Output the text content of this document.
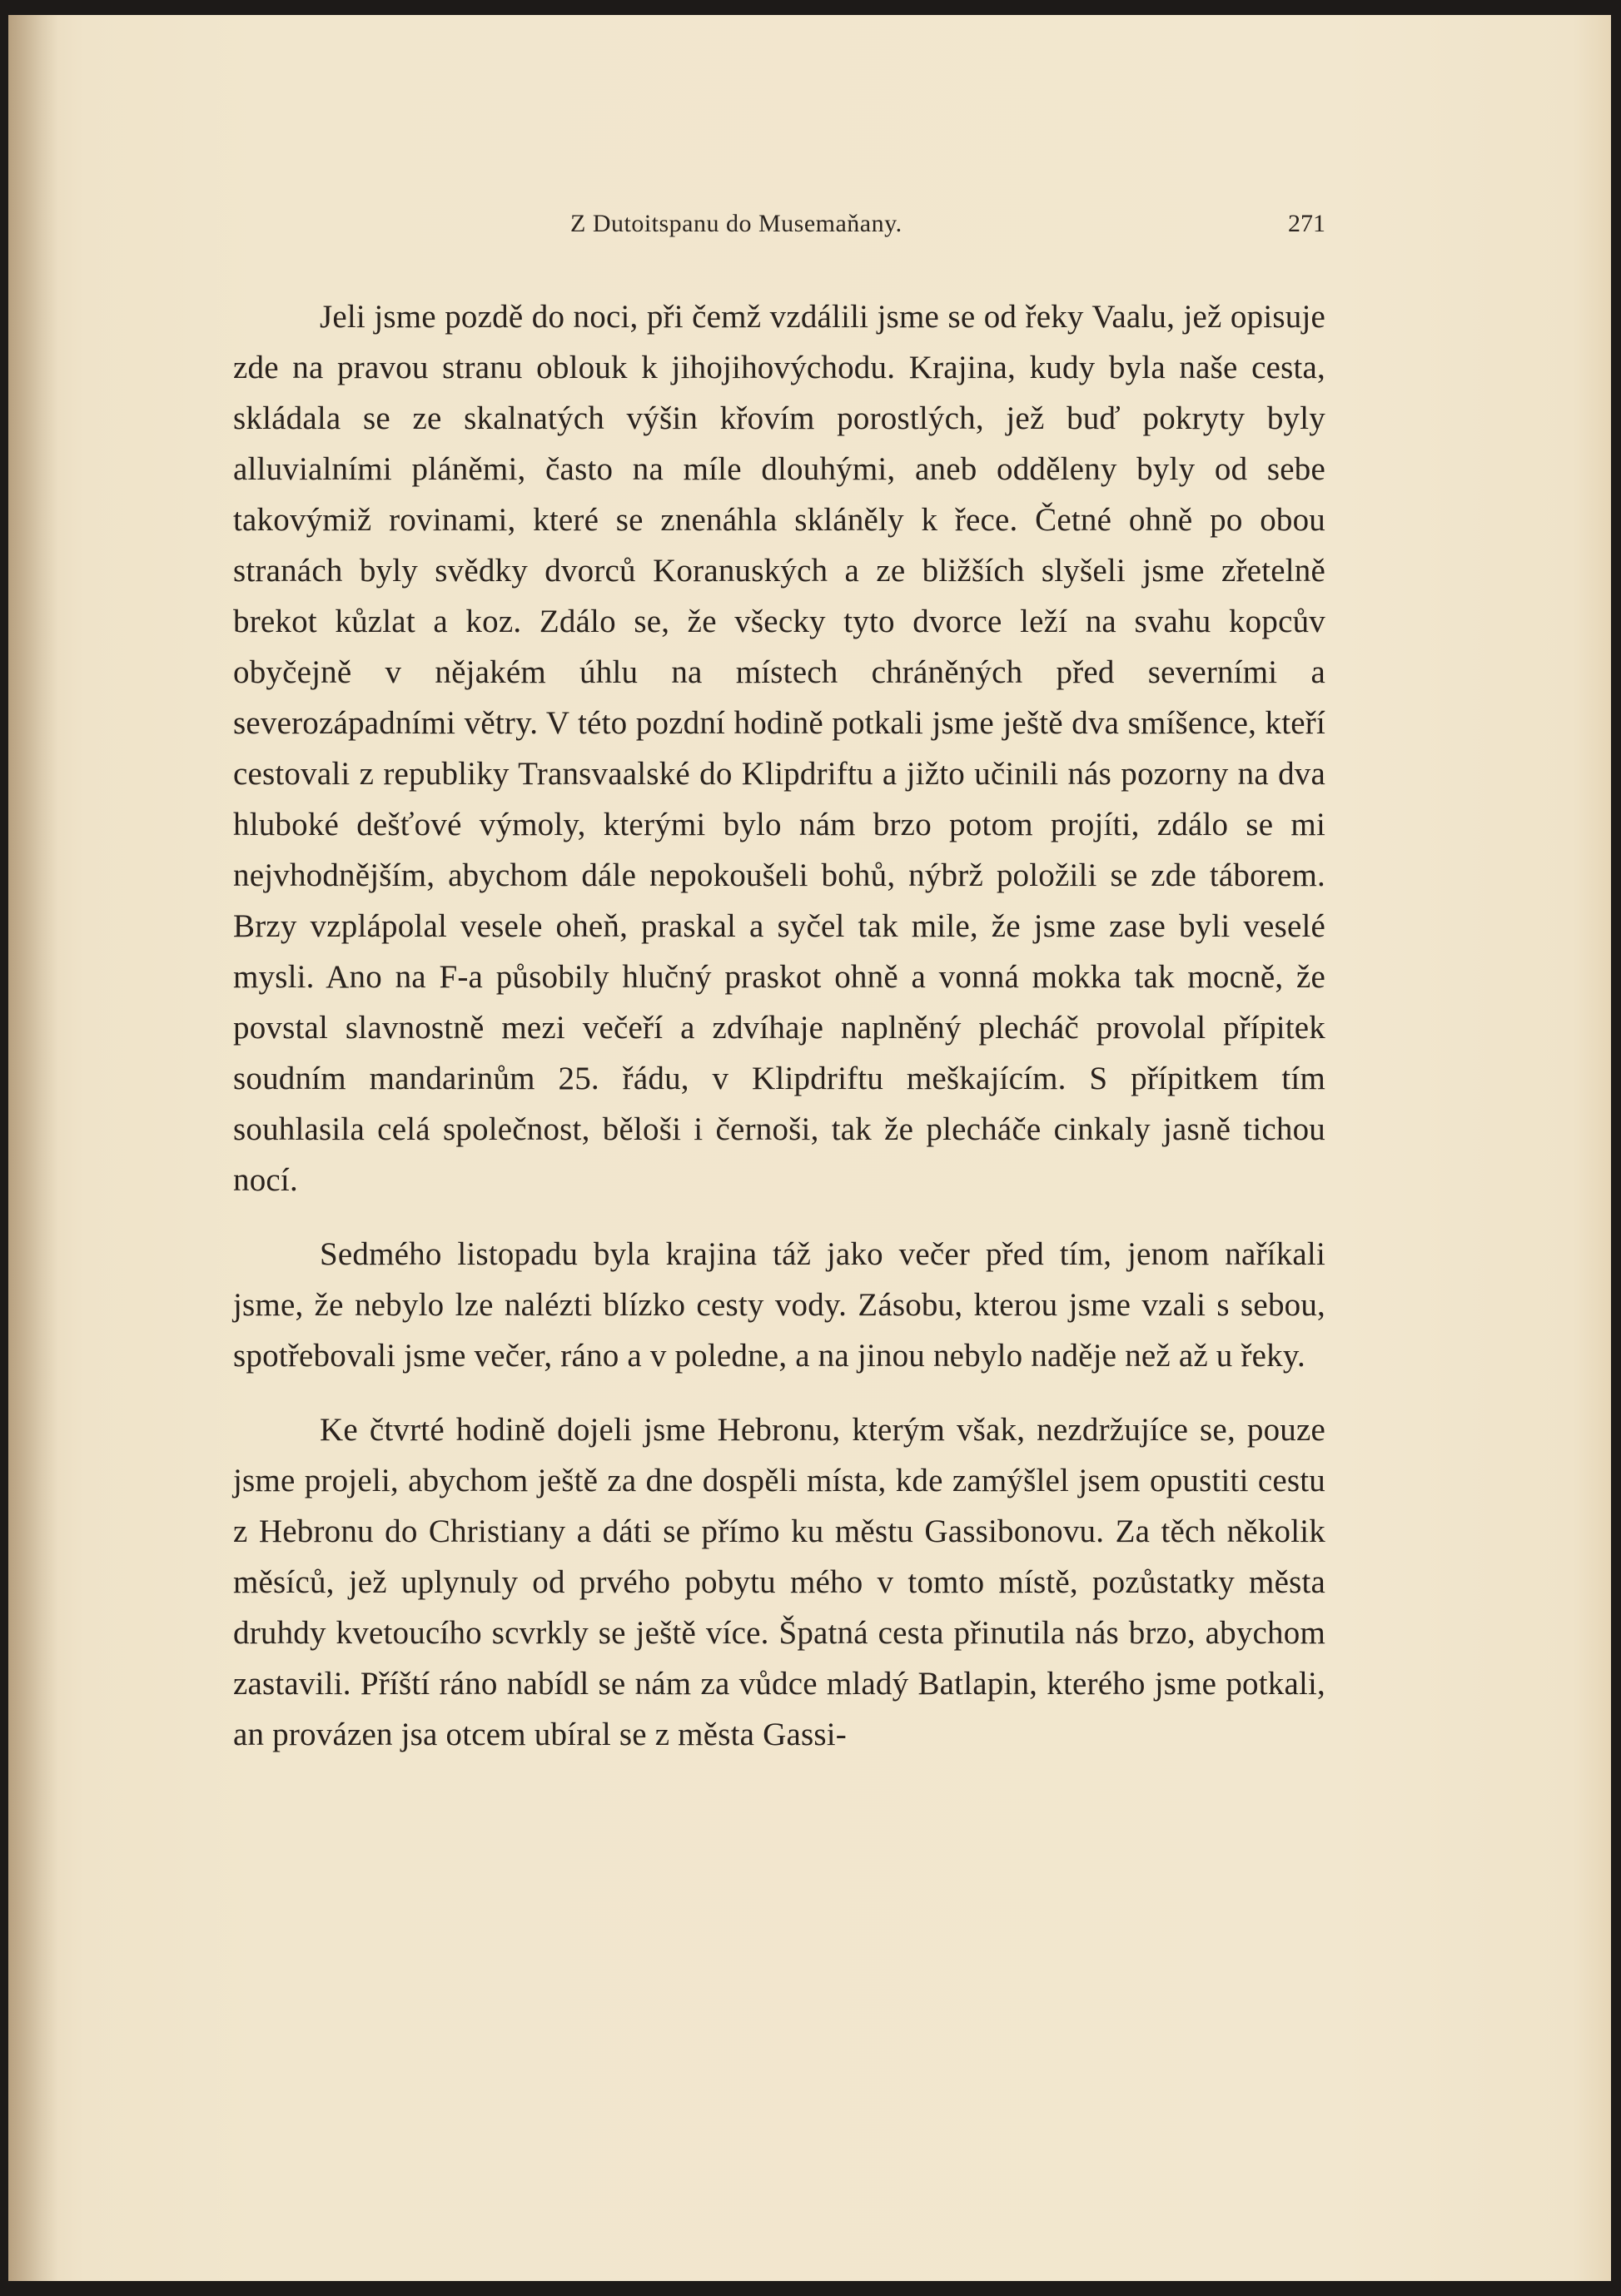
Z Dutoitspanu do Musemaňany.	271

Jeli jsme pozdě do noci, při čemž vzdálili jsme se od řeky Vaalu, jež opisuje zde na pravou stranu oblouk k jihojihovýchodu. Krajina, kudy byla naše cesta, skládala se ze skalnatých výšin křovím porostlých, jež buď pokryty byly alluvialními pláněmi, často na míle dlouhými, aneb odděleny byly od sebe takovýmiž rovinami, které se znenáhla skláněly k řece. Četné ohně po obou stranách byly svědky dvorců Koranuských a ze bližších slyšeli jsme zřetelně brekot kůzlat a koz. Zdálo se, že všecky tyto dvorce leží na svahu kopcův obyčejně v nějakém úhlu na místech chráněných před severními a severozápadními větry. V této pozdní hodině potkali jsme ještě dva smíšence, kteří cestovali z republiky Transvaalské do Klipdriftu a jižto učinili nás pozorny na dva hluboké dešťové výmoly, kterými bylo nám brzo potom projíti, zdálo se mi nejvhodnějším, abychom dále nepokoušeli bohů, nýbrž položili se zde táborem. Brzy vzplápolal vesele oheň, praskal a syčel tak mile, že jsme zase byli veselé mysli. Ano na F-a působily hlučný praskot ohně a vonná mokka tak mocně, že povstal slavnostně mezi večeří a zdvíhaje naplněný plecháč provolal přípitek soudním mandarinům 25. řádu, v Klipdriftu meškajícím. S přípitkem tím souhlasila celá společnost, běloši i černoši, tak že plecháče cinkaly jasně tichou nocí.

Sedmého listopadu byla krajina táž jako večer před tím, jenom naříkali jsme, že nebylo lze nalézti blízko cesty vody. Zásobu, kterou jsme vzali s sebou, spotřebovali jsme večer, ráno a v poledne, a na jinou nebylo naděje než až u řeky.

Ke čtvrté hodině dojeli jsme Hebronu, kterým však, nezdržujíce se, pouze jsme projeli, abychom ještě za dne dospěli místa, kde zamýšlel jsem opustiti cestu z Hebronu do Christiany a dáti se přímo ku městu Gassibonovu. Za těch několik měsíců, jež uplynuly od prvého pobytu mého v tomto místě, pozůstatky města druhdy kvetoucího scvrkly se ještě více. Špatná cesta přinutila nás brzo, abychom zastavili. Příští ráno nabídl se nám za vůdce mladý Batlapin, kterého jsme potkali, an provázen jsa otcem ubíral se z města Gassi-
